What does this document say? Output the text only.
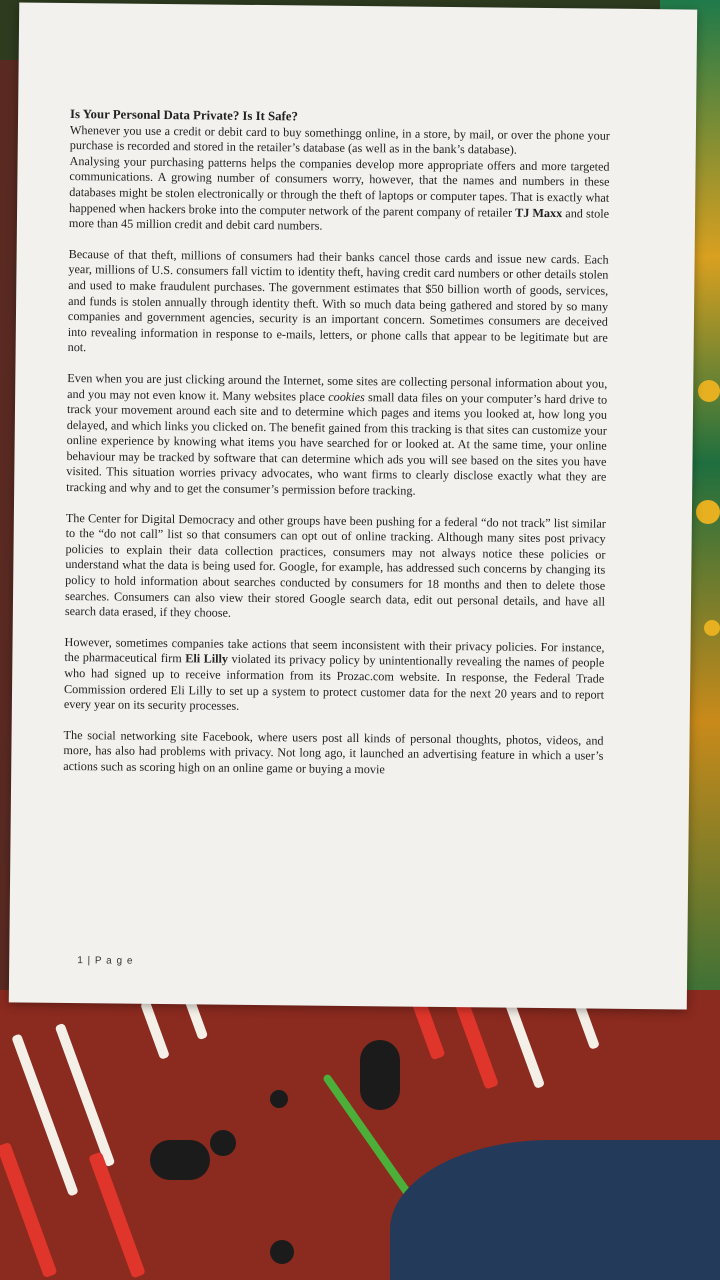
Is Your Personal Data Private? Is It Safe?

Whenever you use a credit or debit card to buy somethingg online, in a store, by mail, or over the phone your purchase is recorded and stored in the retailer’s database (as well as in the bank’s database).

Analysing your purchasing patterns helps the companies develop more appropriate offers and more targeted communications. A growing number of consumers worry, however, that the names and numbers in these databases might be stolen electronically or through the theft of laptops or computer tapes. That is exactly what happened when hackers broke into the computer network of the parent company of retailer TJ Maxx and stole more than 45 million credit and debit card numbers.

Because of that theft, millions of consumers had their banks cancel those cards and issue new cards. Each year, millions of U.S. consumers fall victim to identity theft, having credit card numbers or other details stolen and used to make fraudulent purchases. The government estimates that $50 billion worth of goods, services, and funds is stolen annually through identity theft. With so much data being gathered and stored by so many companies and government agencies, security is an important concern. Sometimes consumers are deceived into revealing information in response to e-mails, letters, or phone calls that appear to be legitimate but are not.

Even when you are just clicking around the Internet, some sites are collecting personal information about you, and you may not even know it. Many websites place cookies small data files on your computer’s hard drive to track your movement around each site and to determine which pages and items you looked at, how long you delayed, and which links you clicked on. The benefit gained from this tracking is that sites can customize your online experience by knowing what items you have searched for or looked at. At the same time, your online behaviour may be tracked by software that can determine which ads you will see based on the sites you have visited. This situation worries privacy advocates, who want firms to clearly disclose exactly what they are tracking and why and to get the consumer’s permission before tracking.

The Center for Digital Democracy and other groups have been pushing for a federal “do not track” list similar to the “do not call” list so that consumers can opt out of online tracking. Although many sites post privacy policies to explain their data collection practices, consumers may not always notice these policies or understand what the data is being used for. Google, for example, has addressed such concerns by changing its policy to hold information about searches conducted by consumers for 18 months and then to delete those searches. Consumers can also view their stored Google search data, edit out personal details, and have all search data erased, if they choose.

However, sometimes companies take actions that seem inconsistent with their privacy policies. For instance, the pharmaceutical firm Eli Lilly violated its privacy policy by unintentionally revealing the names of people who had signed up to receive information from its Prozac.com website. In response, the Federal Trade Commission ordered Eli Lilly to set up a system to protect customer data for the next 20 years and to report every year on its security processes.

The social networking site Facebook, where users post all kinds of personal thoughts, photos, videos, and more, has also had problems with privacy. Not long ago, it launched an advertising feature in which a user’s actions such as scoring high on an online game or buying a movie

1 | P a g e
